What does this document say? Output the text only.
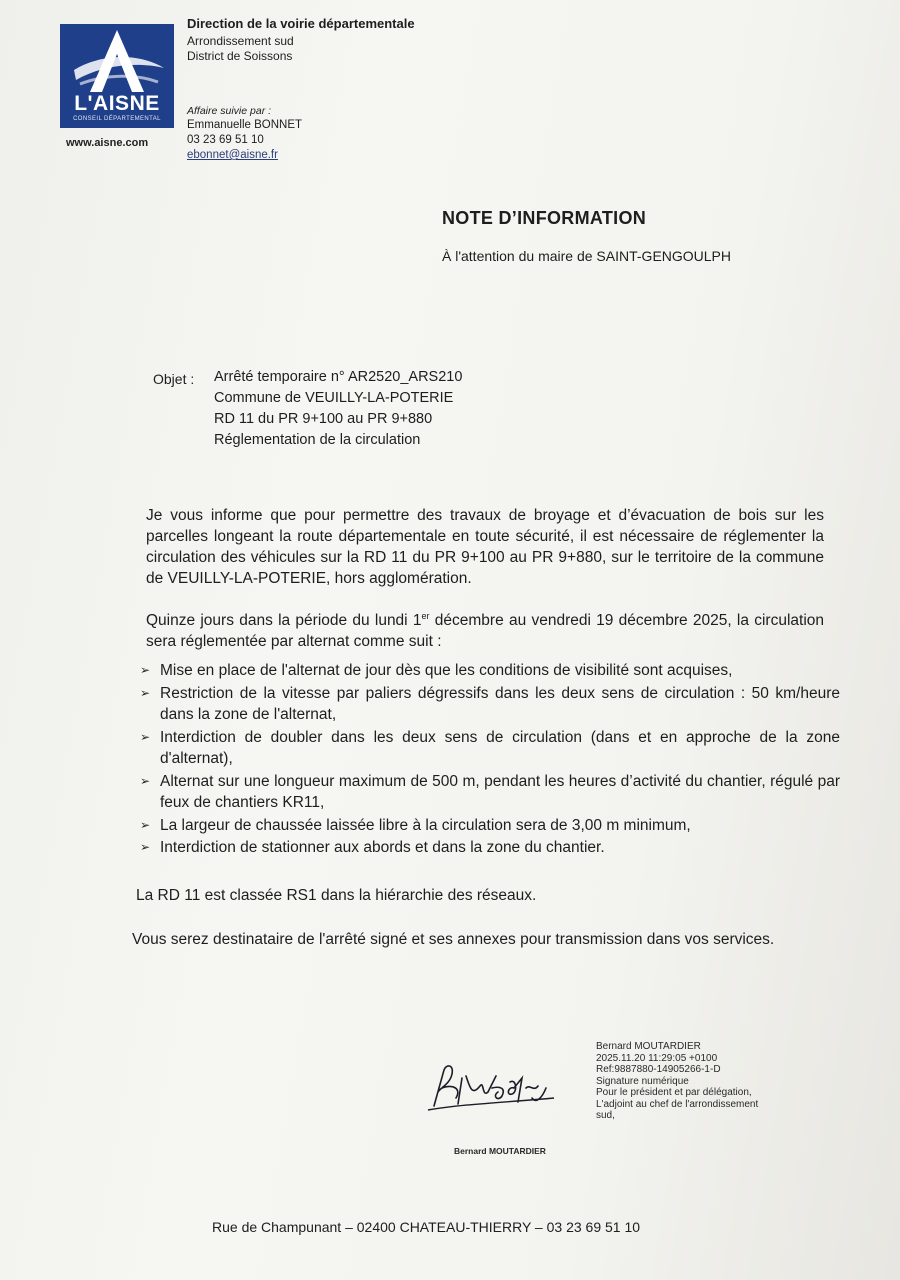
L'AISNE
CONSEIL DÉPARTEMENTAL
www.aisne.com
Direction de la voirie départementale
Arrondissement sud
District de Soissons
Affaire suivie par :
Emmanuelle BONNET
03 23 69 51 10
ebonnet@aisne.fr
NOTE D’INFORMATION
À l'attention du maire de SAINT-GENGOULPH
Objet : Arrêté temporaire n° AR2520_ARS210
Commune de VEUILLY-LA-POTERIE
RD 11 du PR 9+100 au PR 9+880
Réglementation de la circulation
Je vous informe que pour permettre des travaux de broyage et d’évacuation de bois sur les parcelles longeant la route départementale en toute sécurité, il est nécessaire de réglementer la circulation des véhicules sur la RD 11 du PR 9+100 au PR 9+880, sur le territoire de la commune de VEUILLY-LA-POTERIE, hors agglomération.
Quinze jours dans la période du lundi 1er décembre au vendredi 19 décembre 2025, la circulation sera réglementée par alternat comme suit :
➢ Mise en place de l'alternat de jour dès que les conditions de visibilité sont acquises,
➢ Restriction de la vitesse par paliers dégressifs dans les deux sens de circulation : 50 km/heure dans la zone de l'alternat,
➢ Interdiction de doubler dans les deux sens de circulation (dans et en approche de la zone d'alternat),
➢ Alternat sur une longueur maximum de 500 m, pendant les heures d’activité du chantier, régulé par feux de chantiers KR11,
➢ La largeur de chaussée laissée libre à la circulation sera de 3,00 m minimum,
➢ Interdiction de stationner aux abords et dans la zone du chantier.
La RD 11 est classée RS1 dans la hiérarchie des réseaux.
Vous serez destinataire de l'arrêté signé et ses annexes pour transmission dans vos services.
Bernard MOUTARDIER
2025.11.20 11:29:05 +0100
Ref:9887880-14905266-1-D
Signature numérique
Pour le président et par délégation,
L'adjoint au chef de l'arrondissement
sud,
Bernard MOUTARDIER
Rue de Champunant – 02400 CHATEAU-THIERRY – 03 23 69 51 10
